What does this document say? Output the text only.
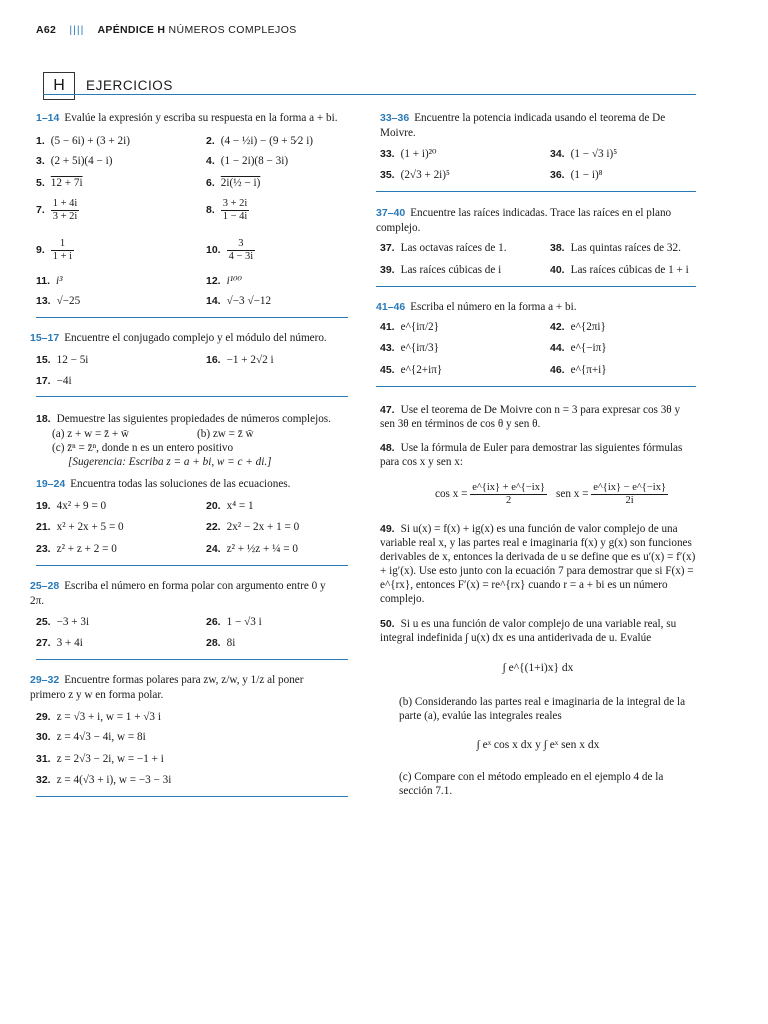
A62 |||| APÉNDICE H NÚMEROS COMPLEJOS
H	EJERCICIOS
1–14 Evalúe la expresión y escriba su respuesta en la forma a + bi.
1. (5 − 6i) + (3 + 2i)	2. (4 − ½i) − (9 + 5⁄2 i)
3. (2 + 5i)(4 − i)	4. (1 − 2i)(8 − 3i)
5. 12 + 7i	6. 2i(½ − i)
7. $\frac{1 + 4i}{3 + 2i}$	8. $\frac{3 + 2i}{1 - 4i}$
9. $\frac{1}{1 + i}$	10. $\frac{3}{4 - 3i}$
11. i³	12. i¹⁰⁰
13. √−25	14. √−3 √−12
15–17 Encuentre el conjugado complejo y el módulo del número.
15. 12 − 5i	16. −1 + 2√2 i
17. −4i
18. Demuestre las siguientes propiedades de números complejos.
(a) z + w = z̄ + w̄	(b) zw = z̄ w̄
(c) z̄ⁿ = z̄ⁿ, donde n es un entero positivo
[Sugerencia: Escriba z = a + bi, w = c + di.]
19–24 Encuentra todas las soluciones de las ecuaciones.
19. 4x² + 9 = 0	20. x⁴ = 1
21. x² + 2x + 5 = 0	22. 2x² − 2x + 1 = 0
23. z² + z + 2 = 0	24. z² + ½z + ¼ = 0
25–28 Escriba el número en forma polar con argumento entre 0 y 2π.
25. −3 + 3i	26. 1 − √3 i
27. 3 + 4i	28. 8i
29–32 Encuentre formas polares para zw, z/w, y 1/z al poner primero z y w en forma polar.
29. z = √3 + i, w = 1 + √3 i
30. z = 4√3 − 4i, w = 8i
31. z = 2√3 − 2i, w = −1 + i
32. z = 4(√3 + i), w = −3 − 3i
33–36 Encuentre la potencia indicada usando el teorema de De Moivre.
33. (1 + i)²⁰	34. (1 − √3 i)⁵
35. (2√3 + 2i)⁵	36. (1 − i)⁸
37–40 Encuentre las raíces indicadas. Trace las raíces en el plano complejo.
37. Las octavas raíces de 1.	38. Las quintas raíces de 32.
39. Las raíces cúbicas de i	40. Las raíces cúbicas de 1 + i
41–46 Escriba el número en la forma a + bi.
41. e^{iπ/2}	42. e^{2πi}
43. e^{iπ/3}	44. e^{−iπ}
45. e^{2+iπ}	46. e^{π+i}
47. Use el teorema de De Moivre con n = 3 para expresar cos 3θ y sen 3θ en términos de cos θ y sen θ.
48. Use la fórmula de Euler para demostrar las siguientes fórmulas para cos x y sen x:
$\cos x = \frac{e\^{}\{ix\} + e\^{}\{-ix\}}{2}$ sen $x = \frac{e\^{}\{ix\} - e\^{}\{-ix\}}{2i}$
49. Si u(x) = f(x) + ig(x) es una función de valor complejo de una variable real x, y las partes real e imaginaria f(x) y g(x) son funciones derivables de x, entonces la derivada de u se define que es u′(x) = f′(x) + ig′(x). Use esto junto con la ecuación 7 para demostrar que si F(x) = e^{rx}, entonces F′(x) = re^{rx} cuando r = a + bi es un número complejo.
50. Si u es una función de valor complejo de una variable real, su integral indefinida ∫ u(x) dx es una antiderivada de u. Evalúe
∫ e^{(1+i)x} dx
(b) Considerando las partes real e imaginaria de la integral de la parte (a), evalúe las integrales reales
∫ eˣ cos x dx y ∫ eˣ sen x dx
(c) Compare con el método empleado en el ejemplo 4 de la sección 7.1.
